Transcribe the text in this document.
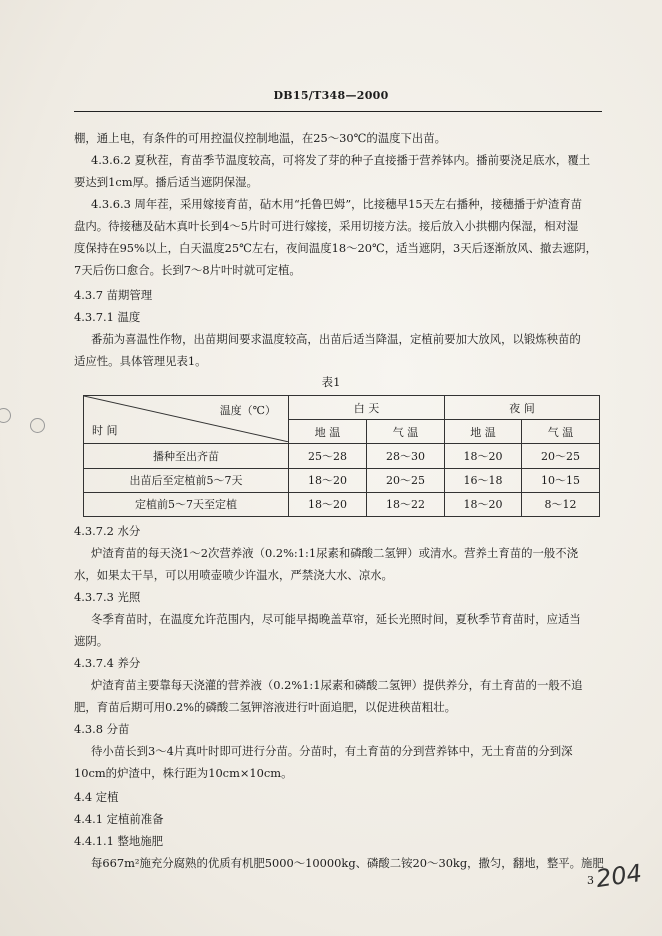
DB15/T348—2000
棚，通上电，有条件的可用控温仪控制地温，在25～30℃的温度下出苗。
4.3.6.2 夏秋茬，育苗季节温度较高，可将发了芽的种子直接播于营养钵内。播前要浇足底水，覆土
要达到1cm厚。播后适当遮阴保湿。
4.3.6.3 周年茬，采用嫁接育苗，砧木用“托鲁巴姆”，比接穗早15天左右播种，接穗播于炉渣育苗
盘内。待接穗及砧木真叶长到4～5片时可进行嫁接，采用切接方法。接后放入小拱棚内保湿，相对湿
度保持在95%以上，白天温度25℃左右，夜间温度18～20℃，适当遮阴，3天后逐渐放风、撤去遮阴，
7天后伤口愈合。长到7～8片叶时就可定植。
4.3.7 苗期管理
4.3.7.1 温度
番茄为喜温性作物，出苗期间要求温度较高，出苗后适当降温，定植前要加大放风，以锻炼秧苗的
适应性。具体管理见表1。
4.3.7.2 水分
炉渣育苗的每天浇1～2次营养液（0.2%:1:1尿素和磷酸二氢钾）或清水。营养土育苗的一般不浇
水，如果太干旱，可以用喷壶喷少许温水，严禁浇大水、凉水。
4.3.7.3 光照
冬季育苗时，在温度允许范围内，尽可能早揭晚盖草帘，延长光照时间，夏秋季节育苗时，应适当
遮阴。
4.3.7.4 养分
炉渣育苗主要靠每天浇灌的营养液（0.2%1:1尿素和磷酸二氢钾）提供养分，有土育苗的一般不追
肥，育苗后期可用0.2%的磷酸二氢钾溶液进行叶面追肥，以促进秧苗粗壮。
4.3.8 分苗
待小苗长到3～4片真叶时即可进行分苗。分苗时，有土育苗的分到营养钵中，无土育苗的分到深
10cm的炉渣中，株行距为10cm×10cm。
4.4 定植
4.4.1 定植前准备
4.4.1.1 整地施肥
每667m²施充分腐熟的优质有机肥5000～10000kg、磷酸二铵20～30kg，撒匀，翻地，整平。施肥
表1
温度（℃）
时 间	白 天		夜 间	
	地 温	气 温	地 温	气 温
播种至出齐苗	25～28	28～30	18～20	20～25
出苗后至定植前5～7天	18～20	20～25	16～18	10～15
定植前5～7天至定植	18～20	18～22	18～20	8～12
3 204
